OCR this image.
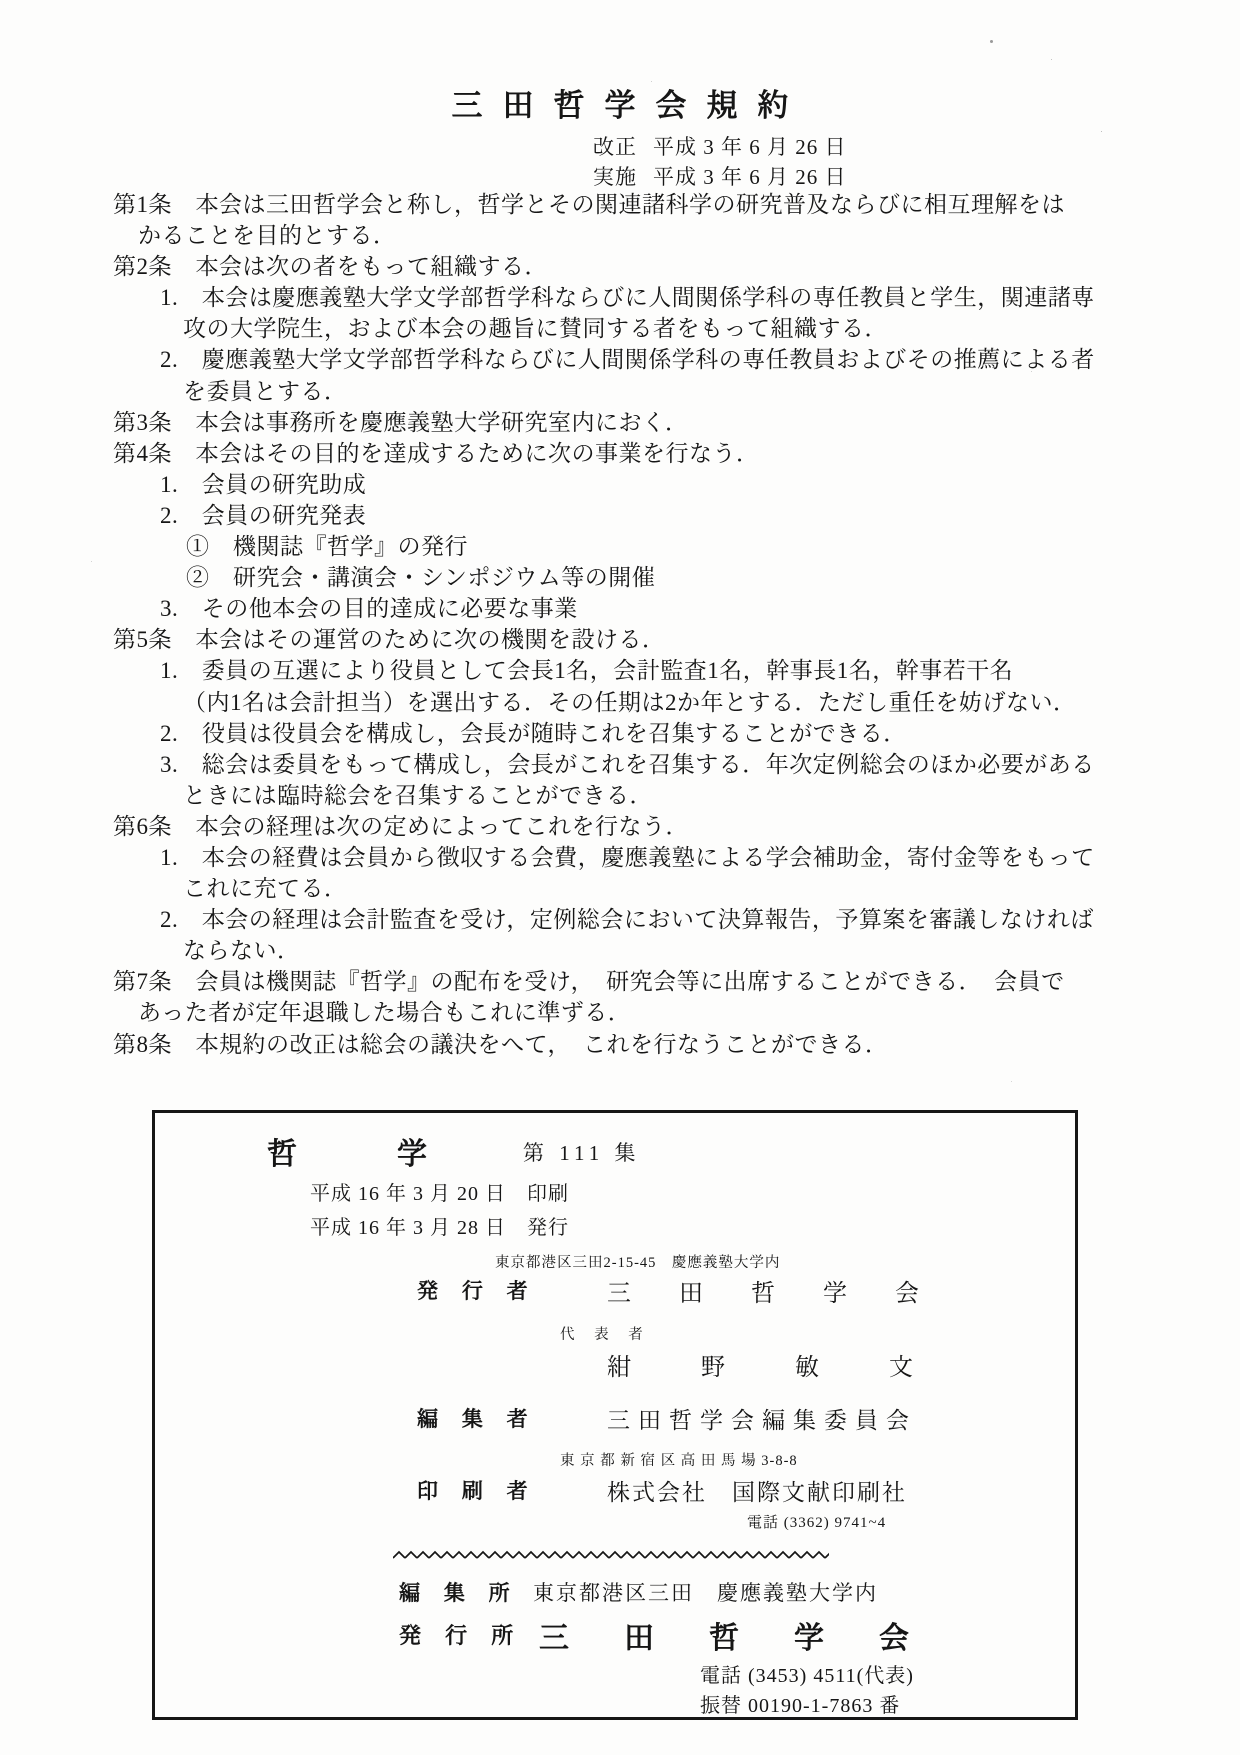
三田哲学会規約
改正 平成 3 年 6 月 26 日
実施 平成 3 年 6 月 26 日
第1条　本会は三田哲学会と称し，哲学とその関連諸科学の研究普及ならびに相互理解をは
かることを目的とする．
第2条　本会は次の者をもって組織する．
1.　本会は慶應義塾大学文学部哲学科ならびに人間関係学科の専任教員と学生，関連諸専
攻の大学院生，および本会の趣旨に賛同する者をもって組織する．
2.　慶應義塾大学文学部哲学科ならびに人間関係学科の専任教員およびその推薦による者
を委員とする．
第3条　本会は事務所を慶應義塾大学研究室内におく．
第4条　本会はその目的を達成するために次の事業を行なう．
1.　会員の研究助成
2.　会員の研究発表
①　機関誌『哲学』の発行
②　研究会・講演会・シンポジウム等の開催
3.　その他本会の目的達成に必要な事業
第5条　本会はその運営のために次の機関を設ける．
1.　委員の互選により役員として会長1名，会計監査1名，幹事長1名，幹事若干名
（内1名は会計担当）を選出する．その任期は2か年とする．ただし重任を妨げない．
2.　役員は役員会を構成し，会長が随時これを召集することができる．
3.　総会は委員をもって構成し，会長がこれを召集する．年次定例総会のほか必要がある
ときには臨時総会を召集することができる．
第6条　本会の経理は次の定めによってこれを行なう．
1.　本会の経費は会員から徴収する会費，慶應義塾による学会補助金，寄付金等をもって
これに充てる．
2.　本会の経理は会計監査を受け，定例総会において決算報告，予算案を審議しなければ
ならない．
第7条　会員は機関誌『哲学』の配布を受け，　研究会等に出席することができる．　会員で
あった者が定年退職した場合もこれに準ずる．
第8条　本規約の改正は総会の議決をへて，　これを行なうことができる．
哲学
第 111 集
平成 16 年 3 月 20 日　印刷
平成 16 年 3 月 28 日　発行
東京都港区三田2-15-45　慶應義塾大学内
発 行 者	三田哲学会
代 表 者
紺野敏文
編 集 者	三田哲学会編集委員会
東 京 都 新 宿 区 高 田 馬 場 3-8-8
印 刷 者	株式会社　国際文献印刷社
電話 (3362) 9741~4
編 集 所 東京都港区三田　慶應義塾大学内
発 行 所 三田哲学会
電話 (3453) 4511(代表)
振替 00190-1-7863 番
